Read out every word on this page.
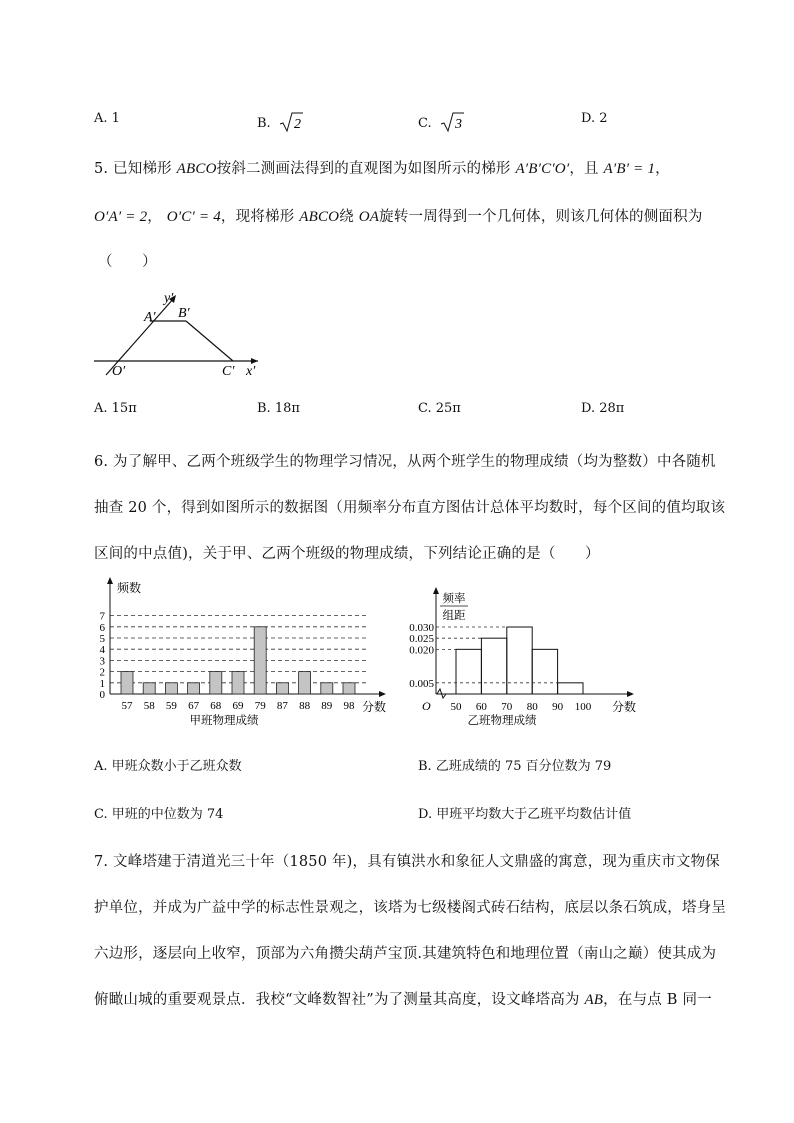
A. 1	B. 2	C. 3	D. 2
5. 已知梯形 ABCO按斜二测画法得到的直观图为如图所示的梯形 A′B′C′O′，且 A′B′ = 1，
O′A′ = 2， O′C′ = 4，现将梯形 ABCO绕 OA旋转一周得到一个几何体，则该几何体的侧面积为
（　　）
y′
A′ B′
O′	C′ x′
A. 15π	B. 18π	C. 25π	D. 28π
6. 为了解甲、乙两个班级学生的物理学习情况，从两个班学生的物理成绩（均为整数）中各随机
抽查 20 个，得到如图所示的数据图（用频率分布直方图估计总体平均数时，每个区间的值均取该
区间的中点值)，关于甲、乙两个班级的物理成绩，下列结论正确的是（　　）
0
1
2
3
4
5
6
7
57 58 59 67 68 69 79 87 88 89 98
频数
分数
甲班物理成绩
0.030
0.025
0.020
0.005
50 60 70 80 90 100
O
频率
组距
分数
乙班物理成绩
A. 甲班众数小于乙班众数	B. 乙班成绩的 75 百分位数为 79
C. 甲班的中位数为 74	D. 甲班平均数大于乙班平均数估计值
7. 文峰塔建于清道光三十年（1850 年)，具有镇洪水和象征人文鼎盛的寓意，现为重庆市文物保
护单位，并成为广益中学的标志性景观之，该塔为七级楼阁式砖石结构，底层以条石筑成，塔身呈
六边形，逐层向上收窄，顶部为六角攒尖葫芦宝顶.其建筑特色和地理位置（南山之巅）使其成为
俯瞰山城的重要观景点．我校“文峰数智社”为了测量其高度，设文峰塔高为 AB，在与点 B 同一
